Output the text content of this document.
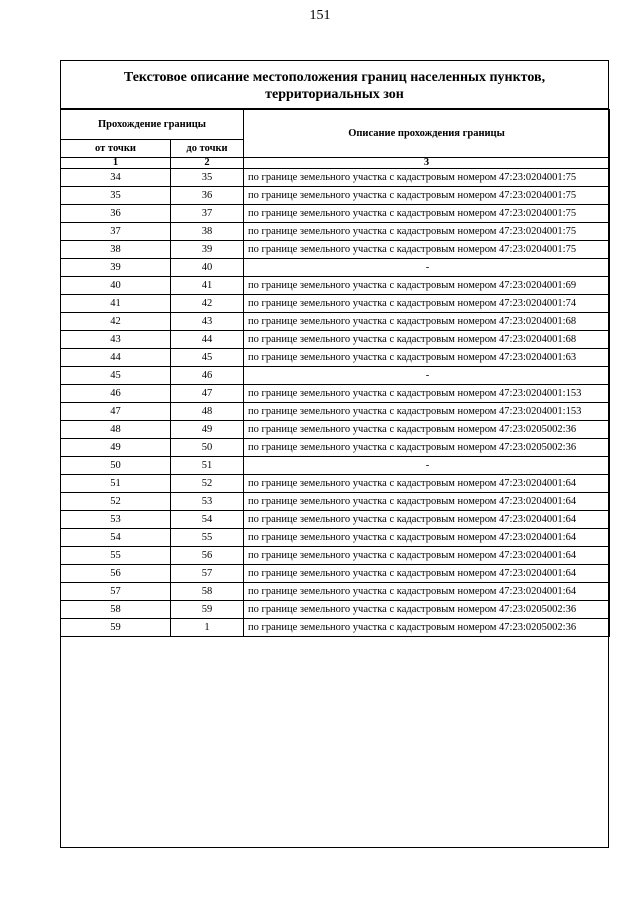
151
Текстовое описание местоположения границ населенных пунктов,
территориальных зон
Прохождение границы		Описание прохождения границы
от точки	до точки	
1	2	3
34	35	по границе земельного участка с кадастровым номером 47:23:0204001:75
35	36	по границе земельного участка с кадастровым номером 47:23:0204001:75
36	37	по границе земельного участка с кадастровым номером 47:23:0204001:75
37	38	по границе земельного участка с кадастровым номером 47:23:0204001:75
38	39	по границе земельного участка с кадастровым номером 47:23:0204001:75
39	40	-
40	41	по границе земельного участка с кадастровым номером 47:23:0204001:69
41	42	по границе земельного участка с кадастровым номером 47:23:0204001:74
42	43	по границе земельного участка с кадастровым номером 47:23:0204001:68
43	44	по границе земельного участка с кадастровым номером 47:23:0204001:68
44	45	по границе земельного участка с кадастровым номером 47:23:0204001:63
45	46	-
46	47	по границе земельного участка с кадастровым номером 47:23:0204001:153
47	48	по границе земельного участка с кадастровым номером 47:23:0204001:153
48	49	по границе земельного участка с кадастровым номером 47:23:0205002:36
49	50	по границе земельного участка с кадастровым номером 47:23:0205002:36
50	51	-
51	52	по границе земельного участка с кадастровым номером 47:23:0204001:64
52	53	по границе земельного участка с кадастровым номером 47:23:0204001:64
53	54	по границе земельного участка с кадастровым номером 47:23:0204001:64
54	55	по границе земельного участка с кадастровым номером 47:23:0204001:64
55	56	по границе земельного участка с кадастровым номером 47:23:0204001:64
56	57	по границе земельного участка с кадастровым номером 47:23:0204001:64
57	58	по границе земельного участка с кадастровым номером 47:23:0204001:64
58	59	по границе земельного участка с кадастровым номером 47:23:0205002:36
59	1	по границе земельного участка с кадастровым номером 47:23:0205002:36
